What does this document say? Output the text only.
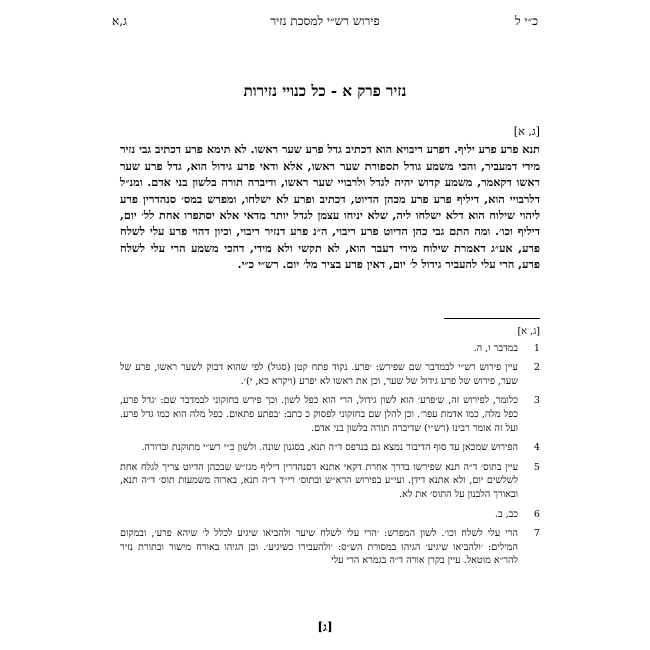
כ״י ל
פירוש רש״י למסכת נזיר
ג,א
נזיר פרק א - כל כנויי נזירות
[ג, א]

תנא פרע פרע יליף. דפרע ריבויא הוא דכתיב גדל פרע שער ראשו. לא תימא פרע דכתיב גבי נזיר מידי דמעביר, והכי משמע גודל תספורת שער ראשו, אלא ודאי פרע גידול הוא, גדל פרע שער ראשו דקאמר, משמע קדוש יהיה לגדל ולרבויי שער ראשו, ודיברה תורה בלשון בני אדם. ומנ״ל דלרבויי הוא, דיליף פרע פרע מכהן הדיוט, דכתיב ופרע לא ישלחו, ומפרש במס׳ סנהדרין פרע ליהוי שילוח הוא דלא ישלחו ליה, שלא יניחו עצמן לגדל יותר מדאי אלא יסתפרו אחת לל׳ יום, דיליף וכו׳. ומה התם גבי כהן הדיוט פרע ריבוי, ה״נ פרע דנזיר ריבוי, וכיון דהוי פרע עלי לשלח פרע, אע״ג דאמרת שילוח מידי דעבר הוא, לא תקשי ולא מידי, דהכי משמע הרי עלי לשלח פרע, הרי עלי להעביר גידול ל׳ יום, דאין פרע בציר מל׳ יום. רש״י כ״י.

[ג, א]
1
במדבר ו, ה.
2
עיין פירוש רש״י לבמדבר שם שפירש: ׳פרע. נקוד פתח קטן (סגול) לפי שהוא דבוק לשער ראשו, פרע של שער, פירוש של פרע גידול של שער, וכן את ראשו לא יפרע (ויקרא כא, י)׳.
3
כלומר, לפירוש זה, ש׳פרע׳ הוא לשון גידול, הרי הוא כפל לשון. וכך פירש בחזקוני לבמדבר שם: ׳גדל פרע, כפל מלה, כמו אדמת עפר׳. וכן להלן שם בחזקוני לפסוק כ כתב: ׳בפתע פתאום. כפל מלה הוא כמו גדל פרע. ועל זה אומר רבינו (רש״י) שדיברה תורה בלשון בני אדם.
4
הפירוש שמכאן עד סוף הדיבור נמצא גם בנדפס ד״ה תנא, בסגנון שונה. ולשון כ״י רש״י מתוקנת וברורה.
5
עיין בתוס׳ ד״ה תנא שפירשו בדרך אחרת דקאי אתנא דסנהדרין דיליף מגז״ש שבכהן הדיוט צריך לגלח אחת לשלשים יום, ולא אתנא דידן. ועי״ע בפירוש הרא״ש ובתוס׳ רי״ד ד״ה תנא, בארוה משמעות תוס׳ ד״ה תנא, ובאורך הלבנון על התוס׳ את לא.
6
כב, ב.
7
הרי עלי לשלח וכו׳. לשון המפרש: ׳הרי עלי לשלח שיער ולהביאו שיגיע לכלל ל׳ שיהא פרע׳, ובמקום המילים: ׳ולהביאו שיגיע׳ הגיהו במסורת הש״ס: ׳ולהעבירו כשיגיע׳. וכן הגיהו באורח מישור ובתורת נזיר להר״א מוטאל. עיין בקרן אורה ד״ה בגמרא הרי עלי
[ג]
